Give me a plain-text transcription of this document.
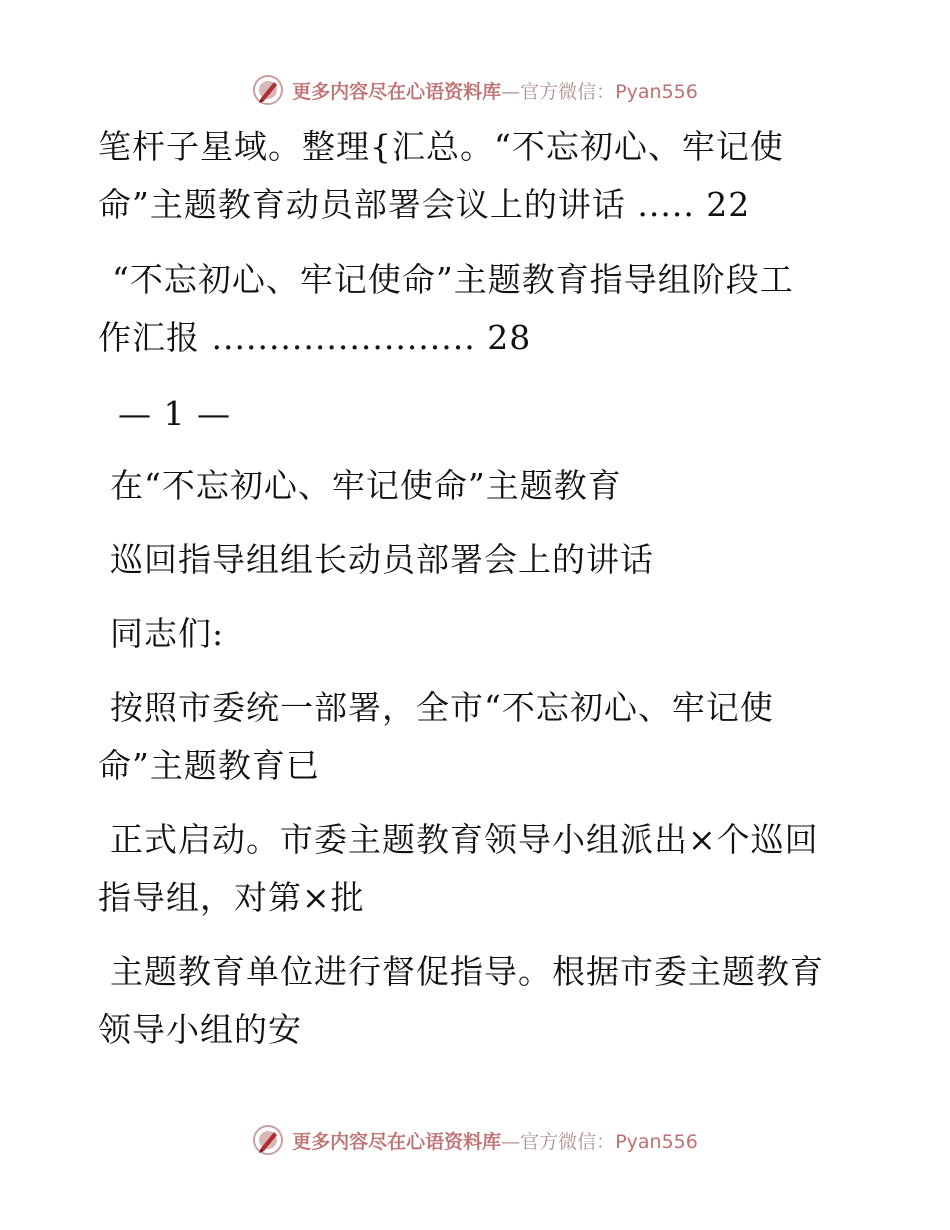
更多内容尽在心语资料库—官方微信：Pyan556
笔杆子星域。整理{汇总。“不忘初心、牢记使
命”主题教育动员部署会议上的讲话 ..... 22
“不忘初心、牢记使命”主题教育指导组阶段工
作汇报 ....................... 28
— 1 —
在“不忘初心、牢记使命”主题教育
巡回指导组组长动员部署会上的讲话
同志们:
按照市委统一部署，全市“不忘初心、牢记使
命”主题教育已
正式启动。市委主题教育领导小组派出×个巡回
指导组，对第×批
主题教育单位进行督促指导。根据市委主题教育
领导小组的安
更多内容尽在心语资料库—官方微信：Pyan556
